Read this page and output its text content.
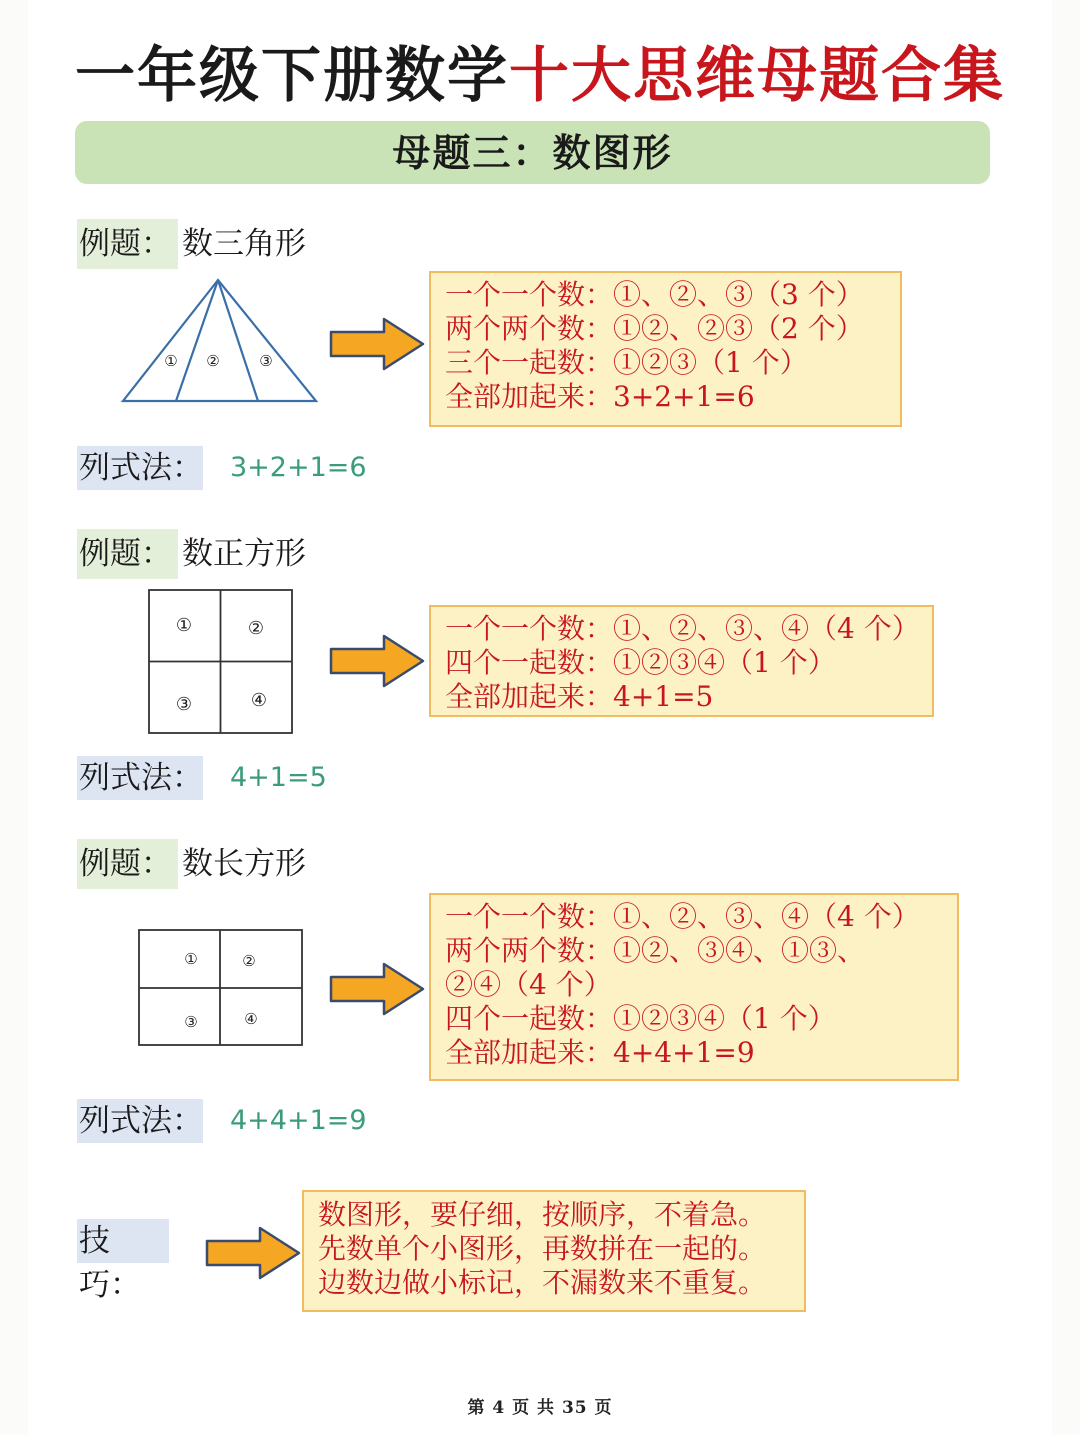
一年级下册数学十大思维母题合集
母题三：数图形
例题： 数三角形
① ②	③
一个一个数：①、②、③（3 个）
两个两个数：①②、②③（2 个）
三个一起数：①②③（1 个）
全部加起来：3+2+1=6
列式法： 3+2+1=6
例题： 数正方形
①	②
③	④
一个一个数：①、②、③、④（4 个）
四个一起数：①②③④（1 个）
全部加起来：4+1=5
列式法： 4+1=5
例题： 数长方形
①	②
③	④
一个一个数：①、②、③、④（4 个）
两个两个数：①②、③④、①③、
②④（4 个）
四个一起数：①②③④（1 个）
全部加起来：4+4+1=9
列式法： 4+4+1=9
技巧：
数图形，要仔细，按顺序，不着急。
先数单个小图形，再数拼在一起的。
边数边做小标记，不漏数来不重复。
第 4 页 共 35 页
